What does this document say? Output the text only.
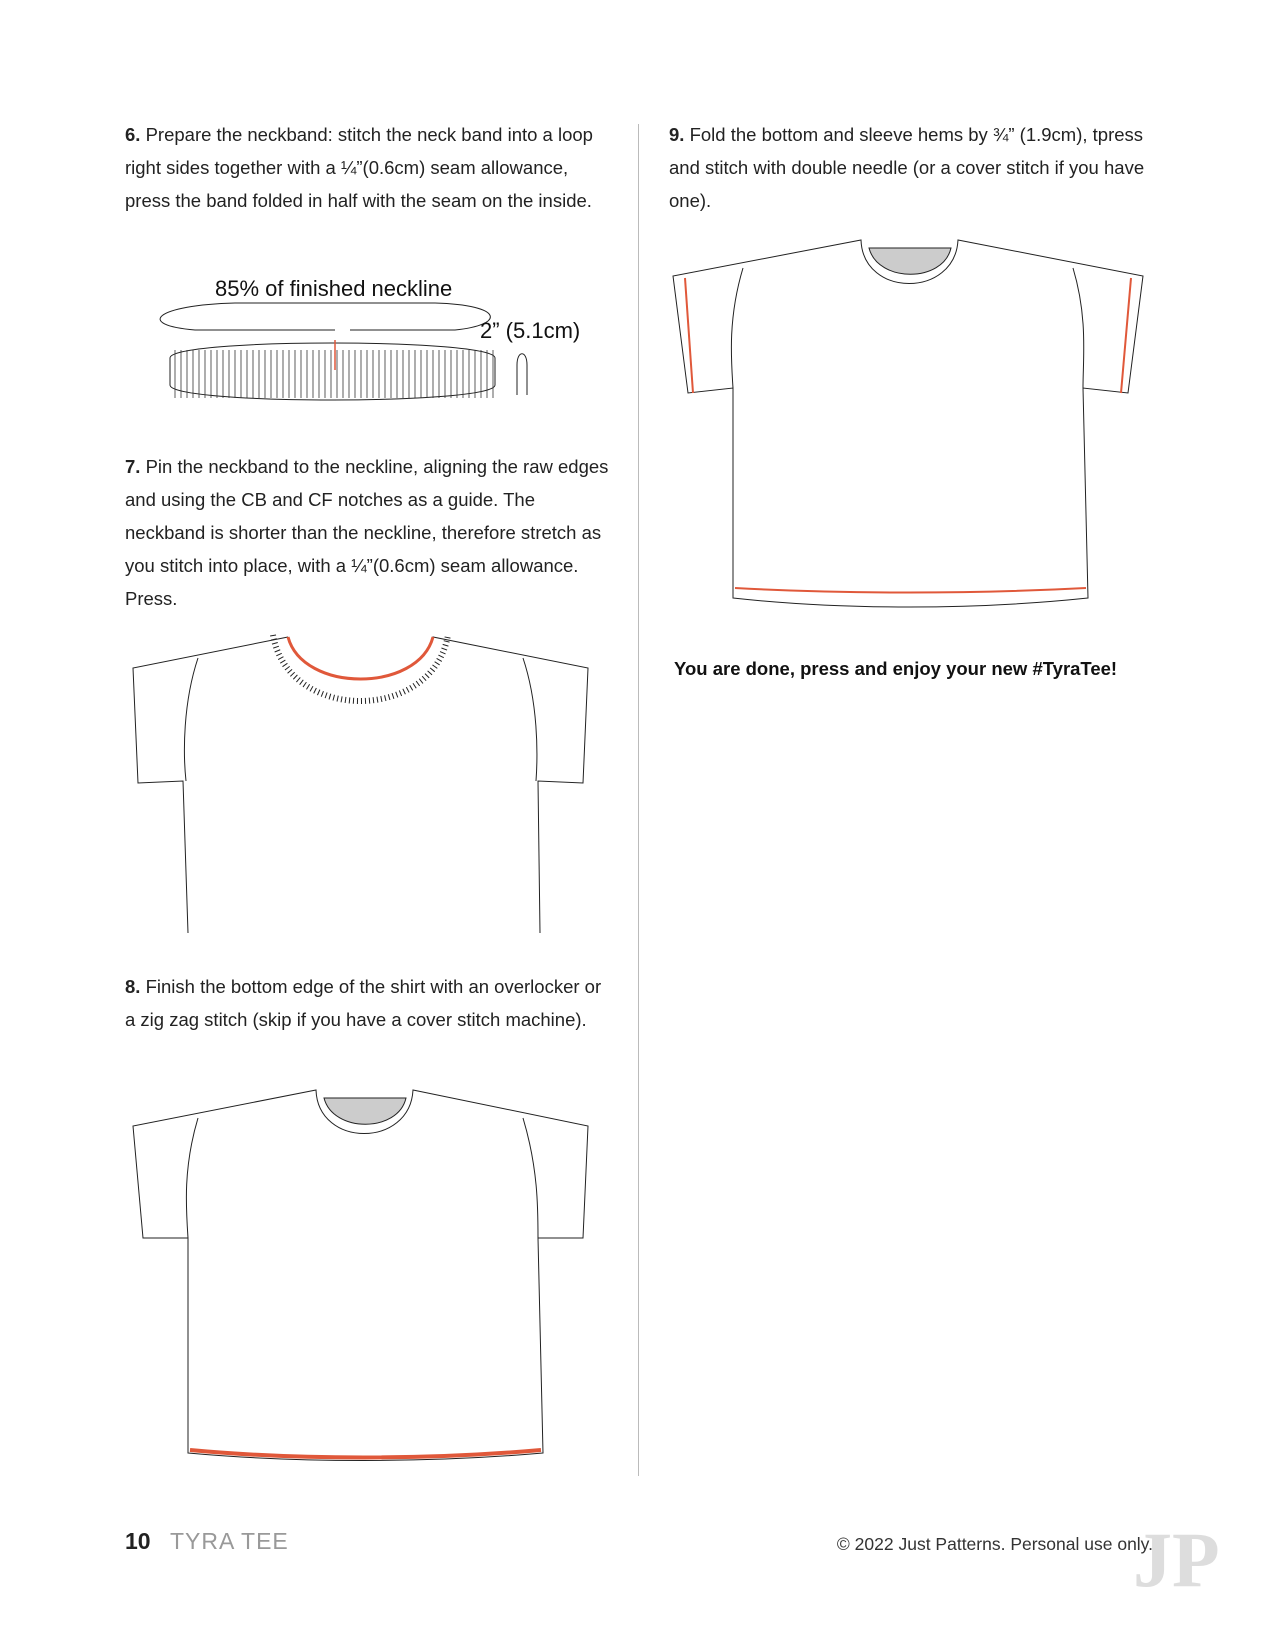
6. Prepare the neckband: stitch the neck band into a loop right sides together with a ¼”(0.6cm) seam allowance, press the band folded in half with the seam on the inside.
85% of finished neckline
2” (5.1cm)
7. Pin the neckband to the neckline, aligning the raw edges and using the CB and CF notches as a guide. The neckband is shorter than the neckline, therefore stretch as you stitch into place, with a ¼”(0.6cm) seam allowance. Press.
8. Finish the bottom edge of the shirt with an overlocker or a zig zag stitch (skip if you have a cover stitch machine).
9. Fold the bottom and sleeve hems by ¾” (1.9cm), tpress and stitch with double needle (or a cover stitch if you have one).
You are done, press and enjoy your new #TyraTee!
10 TYRA TEE	© 2022 Just Patterns. Personal use only.
JP
